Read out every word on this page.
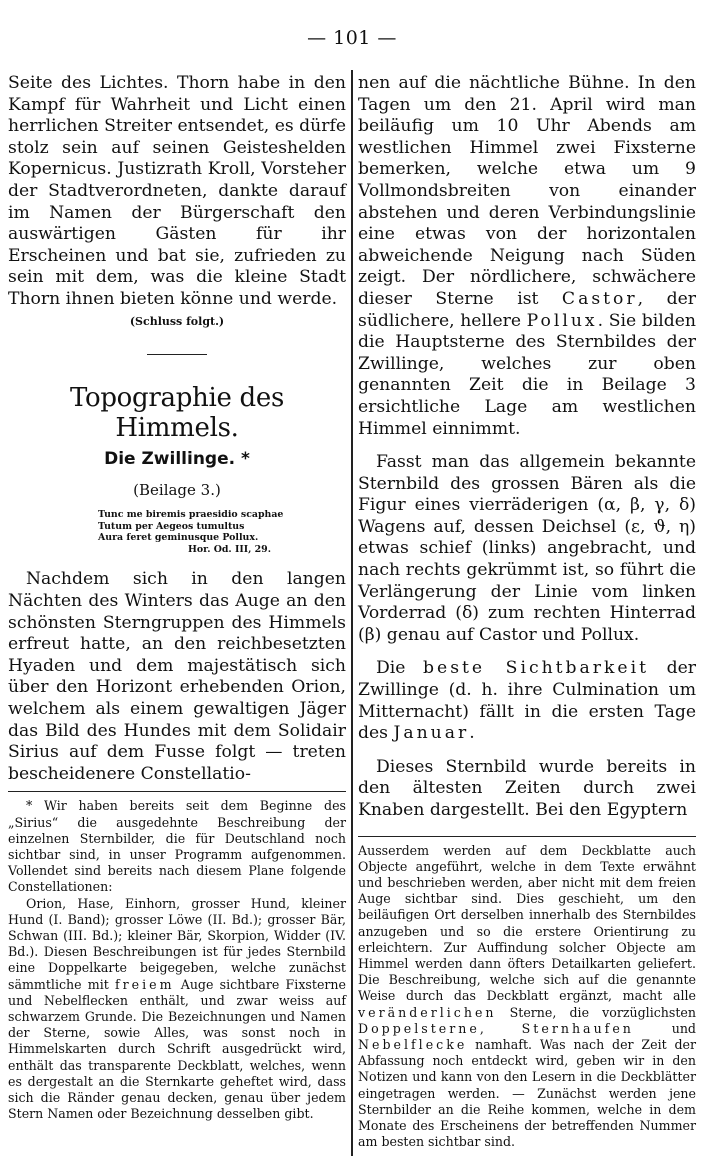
— 101 —

Seite des Lichtes. Thorn habe in den Kampf für Wahrheit und Licht einen herrlichen Streiter entsendet, es dürfe stolz sein auf seinen Geisteshelden Kopernicus. Justizrath Kroll, Vorsteher der Stadtverordneten, dankte darauf im Namen der Bürgerschaft den auswärtigen Gästen für ihr Erscheinen und bat sie, zufrieden zu sein mit dem, was die kleine Stadt Thorn ihnen bieten könne und werde.

(Schluss folgt.)

Topographie des Himmels.
Die Zwillinge. *
(Beilage 3.)
Tunc me biremis praesidio scaphae
Tutum per Aegeos tumultus
Aura feret geminusque Pollux.
Hor. Od. III, 29.

Nachdem sich in den langen Nächten des Winters das Auge an den schönsten Sterngruppen des Himmels erfreut hatte, an den reichbesetzten Hyaden und dem majestätisch sich über den Horizont erhebenden Orion, welchem als einem gewaltigen Jäger das Bild des Hundes mit dem Solidair Sirius auf dem Fusse folgt — treten bescheidenere Constellatio-

* Wir haben bereits seit dem Beginne des „Sirius“ die ausgedehnte Beschreibung der einzelnen Sternbilder, die für Deutschland noch sichtbar sind, in unser Programm aufgenommen. Vollendet sind bereits nach diesem Plane folgende Constellationen:

Orion, Hase, Einhorn, grosser Hund, kleiner Hund (I. Band); grosser Löwe (II. Bd.); grosser Bär, Schwan (III. Bd.); kleiner Bär, Skorpion, Widder (IV. Bd.). Diesen Beschreibungen ist für jedes Sternbild eine Doppelkarte beigegeben, welche zunächst sämmtliche mit freiem Auge sichtbare Fixsterne und Nebelflecken enthält, und zwar weiss auf schwarzem Grunde. Die Bezeichnungen und Namen der Sterne, sowie Alles, was sonst noch in Himmelskarten durch Schrift ausgedrückt wird, enthält das transparente Deckblatt, welches, wenn es dergestalt an die Sternkarte geheftet wird, dass sich die Ränder genau decken, genau über jedem Stern Namen oder Bezeichnung desselben gibt.

nen auf die nächtliche Bühne. In den Tagen um den 21. April wird man beiläufig um 10 Uhr Abends am westlichen Himmel zwei Fixsterne bemerken, welche etwa um 9 Vollmondsbreiten von einander abstehen und deren Verbindungslinie eine etwas von der horizontalen abweichende Neigung nach Süden zeigt. Der nördlichere, schwächere dieser Sterne ist Castor, der südlichere, hellere Pollux. Sie bilden die Hauptsterne des Sternbildes der Zwillinge, welches zur oben genannten Zeit die in Beilage 3 ersichtliche Lage am westlichen Himmel einnimmt.

Fasst man das allgemein bekannte Sternbild des grossen Bären als die Figur eines vierräderigen (α, β, γ, δ) Wagens auf, dessen Deichsel (ε, ϑ, η) etwas schief (links) angebracht, und nach rechts gekrümmt ist, so führt die Verlängerung der Linie vom linken Vorderrad (δ) zum rechten Hinterrad (β) genau auf Castor und Pollux.

Die beste Sichtbarkeit der Zwillinge (d. h. ihre Culmination um Mitternacht) fällt in die ersten Tage des Januar.

Dieses Sternbild wurde bereits in den ältesten Zeiten durch zwei Knaben dargestellt. Bei den Egyptern

Ausserdem werden auf dem Deckblatte auch Objecte angeführt, welche in dem Texte erwähnt und beschrieben werden, aber nicht mit dem freien Auge sichtbar sind. Dies geschieht, um den beiläufigen Ort derselben innerhalb des Sternbildes anzugeben und so die erstere Orientirung zu erleichtern. Zur Auffindung solcher Objecte am Himmel werden dann öfters Detailkarten geliefert. Die Beschreibung, welche sich auf die genannte Weise durch das Deckblatt ergänzt, macht alle veränderlichen Sterne, die vorzüglichsten Doppelsterne, Sternhaufen und Nebelflecke namhaft. Was nach der Zeit der Abfassung noch entdeckt wird, geben wir in den Notizen und kann von den Lesern in die Deckblätter eingetragen werden. — Zunächst werden jene Sternbilder an die Reihe kommen, welche in dem Monate des Erscheinens der betreffenden Nummer am besten sichtbar sind.
